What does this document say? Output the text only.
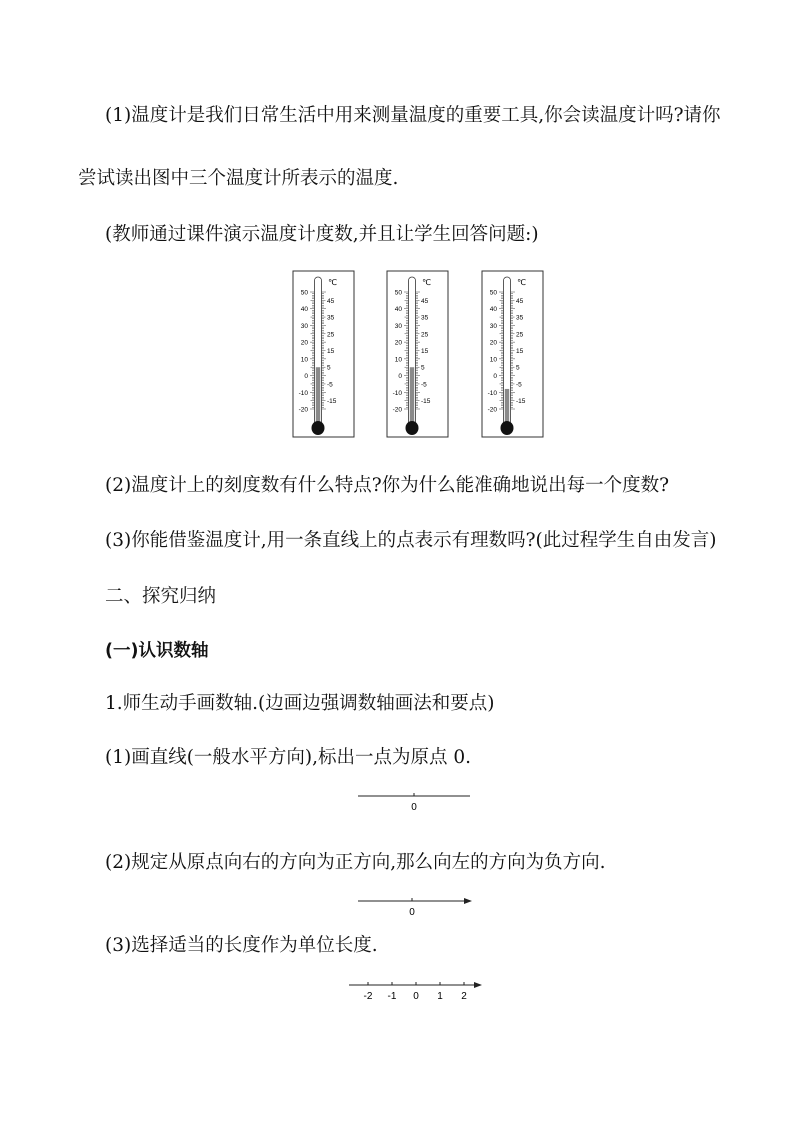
(1)温度计是我们日常生活中用来测量温度的重要工具,你会读温度计吗?请你
尝试读出图中三个温度计所表示的温度.
(教师通过课件演示温度计度数,并且让学生回答问题:)
℃
50
40
30
20
10
0
-10
-20
45
35
25
15
5
-5
-15
℃
50
40
30
20
10
0
-10
-20
45
35
25
15
5
-5
-15
℃
50
40
30
20
10
0
-10
-20
45
35
25
15
5
-5
-15
(2)温度计上的刻度数有什么特点?你为什么能准确地说出每一个度数?
(3)你能借鉴温度计,用一条直线上的点表示有理数吗?(此过程学生自由发言)
二、探究归纳
(一)认识数轴
1.师生动手画数轴.(边画边强调数轴画法和要点)
(1)画直线(一般水平方向),标出一点为原点 0.
0
(2)规定从原点向右的方向为正方向,那么向左的方向为负方向.
0
(3)选择适当的长度作为单位长度.
-2 -1 0 1 2
